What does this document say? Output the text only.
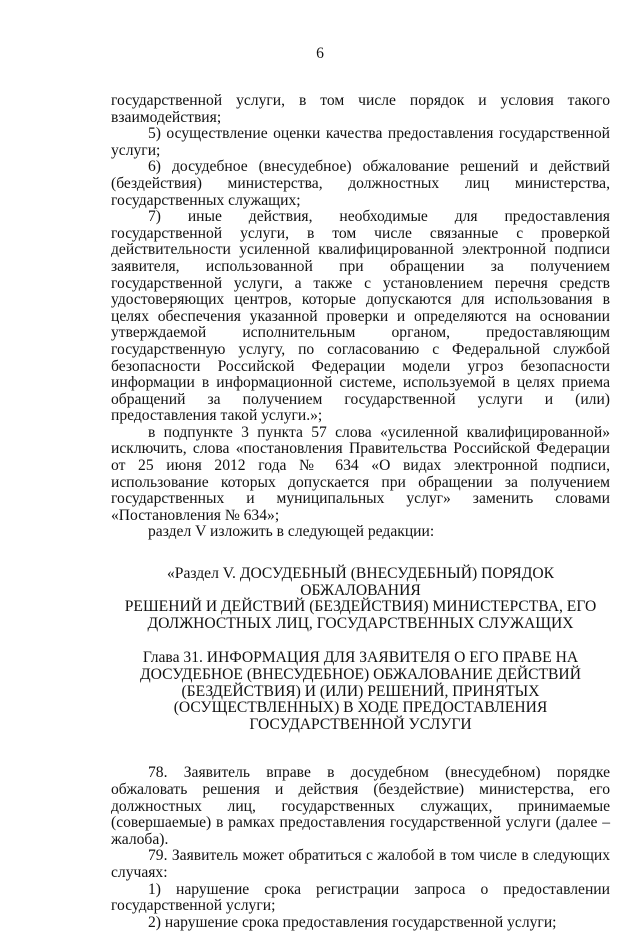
6

государственной услуги, в том числе порядок и условия такого взаимодействия;

5) осуществление оценки качества предоставления государственной услуги;

6) досудебное (внесудебное) обжалование решений и действий (бездействия) министерства, должностных лиц министерства, государственных служащих;

7) иные действия, необходимые для предоставления государственной услуги, в том числе связанные с проверкой действительности усиленной квалифицированной электронной подписи заявителя, использованной при обращении за получением государственной услуги, а также с установлением перечня средств удостоверяющих центров, которые допускаются для использования в целях обеспечения указанной проверки и определяются на основании утверждаемой исполнительным органом, предоставляющим государственную услугу, по согласованию с Федеральной службой безопасности Российской Федерации модели угроз безопасности информации в информационной системе, используемой в целях приема обращений за получением государственной услуги и (или) предоставления такой услуги.»;

в подпункте 3 пункта 57 слова «усиленной квалифицированной» исключить, слова «постановления Правительства Российской Федерации от 25 июня 2012 года № 634 «О видах электронной подписи, использование которых допускается при обращении за получением государственных и муниципальных услуг» заменить словами «Постановления № 634»;

раздел V изложить в следующей редакции:

«Раздел V. ДОСУДЕБНЫЙ (ВНЕСУДЕБНЫЙ) ПОРЯДОК ОБЖАЛОВАНИЯ
РЕШЕНИЙ И ДЕЙСТВИЙ (БЕЗДЕЙСТВИЯ) МИНИСТЕРСТВА, ЕГО
ДОЛЖНОСТНЫХ ЛИЦ, ГОСУДАРСТВЕННЫХ СЛУЖАЩИХ
Глава 31. ИНФОРМАЦИЯ ДЛЯ ЗАЯВИТЕЛЯ О ЕГО ПРАВЕ НА
ДОСУДЕБНОЕ (ВНЕСУДЕБНОЕ) ОБЖАЛОВАНИЕ ДЕЙСТВИЙ
(БЕЗДЕЙСТВИЯ) И (ИЛИ) РЕШЕНИЙ, ПРИНЯТЫХ
(ОСУЩЕСТВЛЕННЫХ) В ХОДЕ ПРЕДОСТАВЛЕНИЯ
ГОСУДАРСТВЕННОЙ УСЛУГИ

78. Заявитель вправе в досудебном (внесудебном) порядке обжаловать решения и действия (бездействие) министерства, его должностных лиц, государственных служащих, принимаемые (совершаемые) в рамках предоставления государственной услуги (далее – жалоба).

79. Заявитель может обратиться с жалобой в том числе в следующих случаях:

1) нарушение срока регистрации запроса о предоставлении государственной услуги;

2) нарушение срока предоставления государственной услуги;
